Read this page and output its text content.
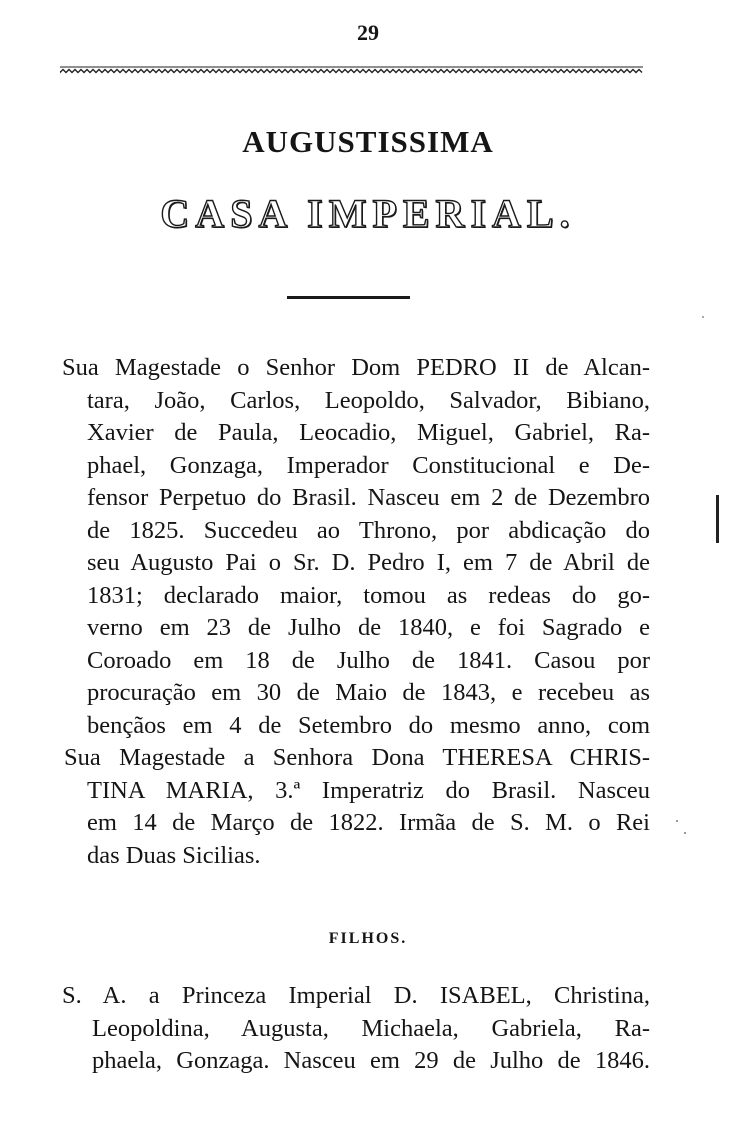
29
AUGUSTISSIMA
CASA IMPERIAL.
Sua Magestade o Senhor Dom PEDRO II de Alcan-
tara, João, Carlos, Leopoldo, Salvador, Bibiano,
Xavier de Paula, Leocadio, Miguel, Gabriel, Ra-
phael, Gonzaga, Imperador Constitucional e De-
fensor Perpetuo do Brasil. Nasceu em 2 de Dezembro
de 1825. Succedeu ao Throno, por abdicação do
seu Augusto Pai o Sr. D. Pedro I, em 7 de Abril de
1831; declarado maior, tomou as redeas do go-
verno em 23 de Julho de 1840, e foi Sagrado e
Coroado em 18 de Julho de 1841. Casou por
procuração em 30 de Maio de 1843, e recebeu as
bençãos em 4 de Setembro do mesmo anno, com
Sua Magestade a Senhora Dona THERESA CHRIS-
TINA MARIA, 3.ª Imperatriz do Brasil. Nasceu
em 14 de Março de 1822. Irmãa de S. M. o Rei
das Duas Sicilias.
FILHOS.
S. A. a Princeza Imperial D. ISABEL, Christina,
Leopoldina, Augusta, Michaela, Gabriela, Ra-
phaela, Gonzaga. Nasceu em 29 de Julho de 1846.
